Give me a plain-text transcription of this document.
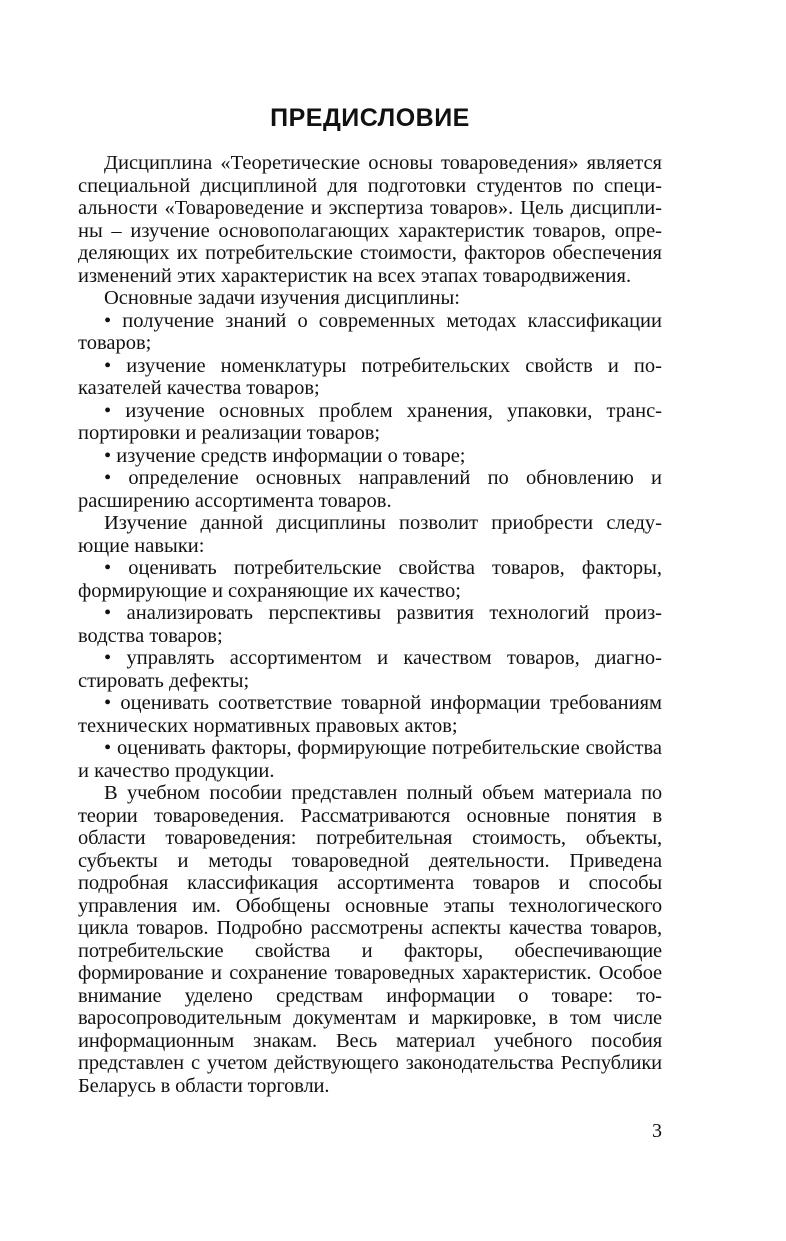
ПРЕДИСЛОВИЕ

Дисциплина «Теоретические основы товароведения» является специальной дисциплиной для подготовки студентов по специальности «Товароведение и экспертиза товаров». Цель дисциплины – изучение основополагающих характеристик товаров, определяющих их потребительские стоимости, факторов обеспечения изменений этих характеристик на всех этапах товародвижения.

Основные задачи изучения дисциплины:

• получение знаний о современных методах классификации товаров;

• изучение номенклатуры потребительских свойств и показателей качества товаров;

• изучение основных проблем хранения, упаковки, транспортировки и реализации товаров;

• изучение средств информации о товаре;

• определение основных направлений по обновлению и расширению ассортимента товаров.

Изучение данной дисциплины позволит приобрести следующие навыки:

• оценивать потребительские свойства товаров, факторы, формирующие и сохраняющие их качество;

• анализировать перспективы развития технологий производства товаров;

• управлять ассортиментом и качеством товаров, диагностировать дефекты;

• оценивать соответствие товарной информации требованиям технических нормативных правовых актов;

• оценивать факторы, формирующие потребительские свойства и качество продукции.

В учебном пособии представлен полный объем материала по теории товароведения. Рассматриваются основные понятия в области товароведения: потребительная стоимость, объекты, субъекты и методы товароведной деятельности. Приведена подробная классификация ассортимента товаров и способы управления им. Обобщены основные этапы технологического цикла товаров. Подробно рассмотрены аспекты качества товаров, потребительские свойства и факторы, обеспечивающие формирование и сохранение товароведных характеристик. Особое внимание уделено средствам информации о товаре: товаросопроводительным документам и маркировке, в том числе информационным знакам. Весь материал учебного пособия представлен с учетом действующего законодательства Республики Беларусь в области торговли.

3
